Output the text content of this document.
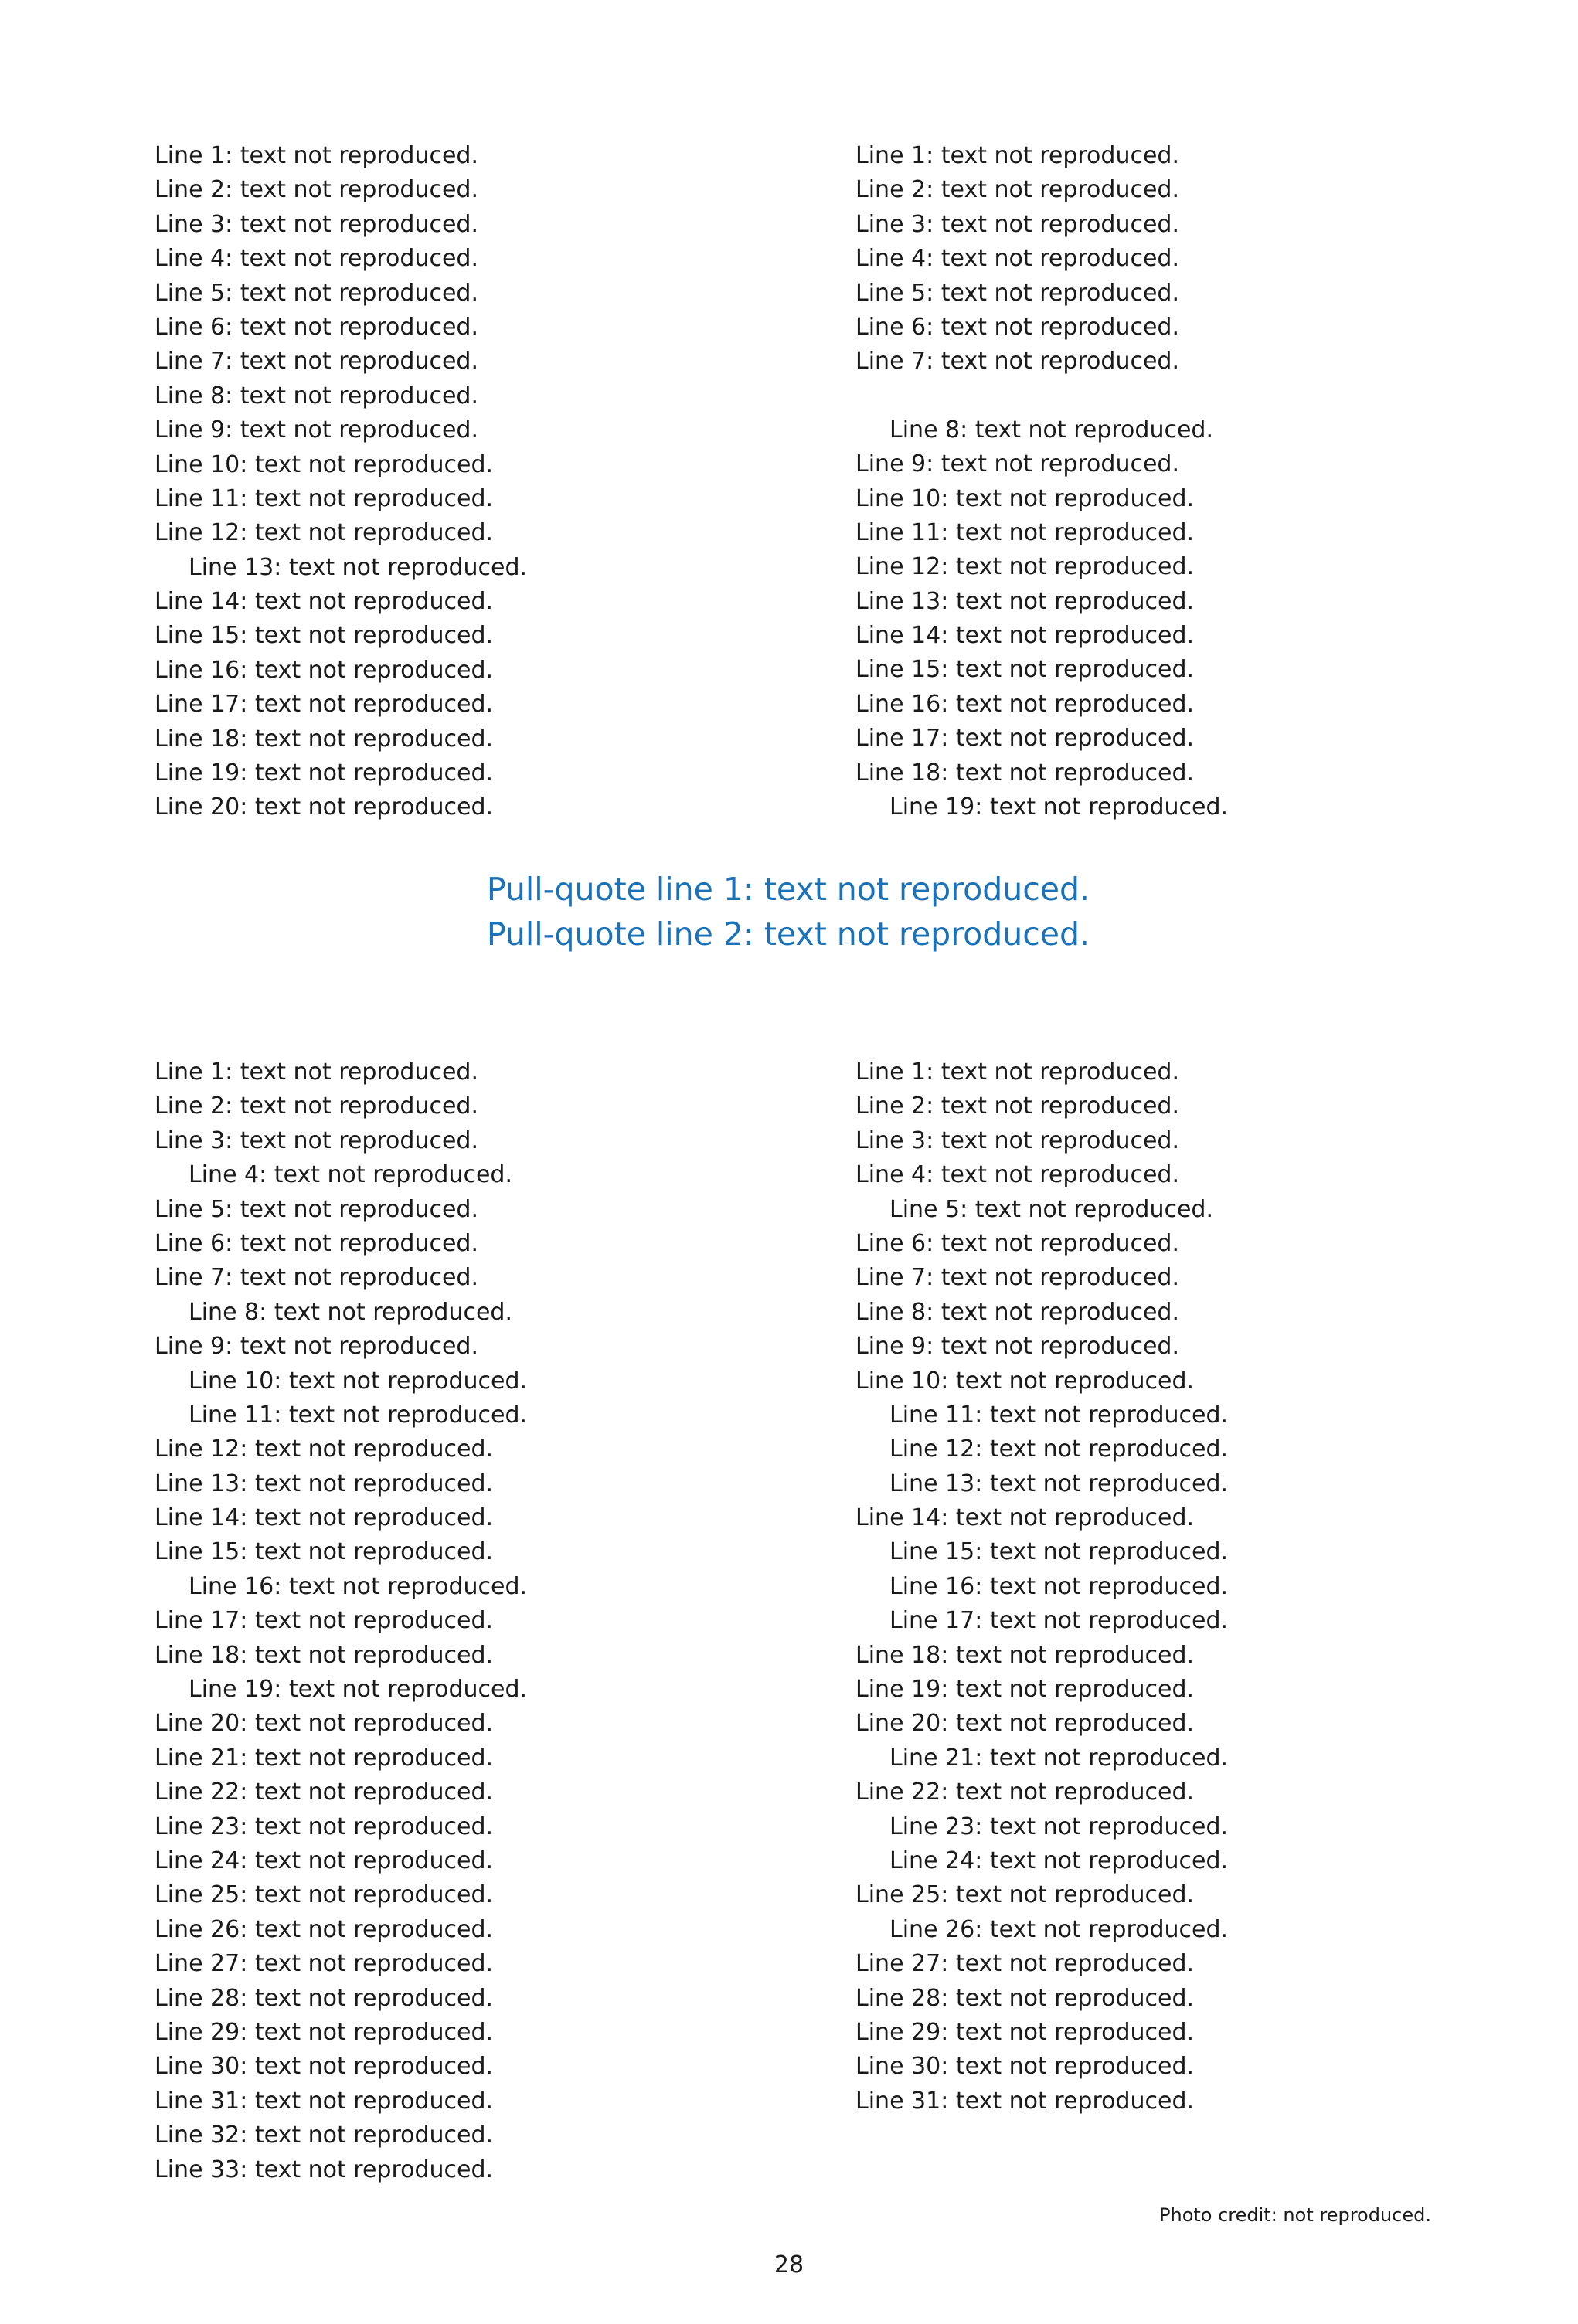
Line 1: text not reproduced.
Line 2: text not reproduced.
Line 3: text not reproduced.
Line 4: text not reproduced.
Line 5: text not reproduced.
Line 6: text not reproduced.
Line 7: text not reproduced.
Line 8: text not reproduced.
Line 9: text not reproduced.
Line 10: text not reproduced.
Line 11: text not reproduced.
Line 12: text not reproduced.
Line 13: text not reproduced.
Line 14: text not reproduced.
Line 15: text not reproduced.
Line 16: text not reproduced.
Line 17: text not reproduced.
Line 18: text not reproduced.
Line 19: text not reproduced.
Line 20: text not reproduced.
Line 1: text not reproduced.
Line 2: text not reproduced.
Line 3: text not reproduced.
Line 4: text not reproduced.
Line 5: text not reproduced.
Line 6: text not reproduced.
Line 7: text not reproduced.
Line 8: text not reproduced.
Line 9: text not reproduced.
Line 10: text not reproduced.
Line 11: text not reproduced.
Line 12: text not reproduced.
Line 13: text not reproduced.
Line 14: text not reproduced.
Line 15: text not reproduced.
Line 16: text not reproduced.
Line 17: text not reproduced.
Line 18: text not reproduced.
Line 19: text not reproduced.
Pull-quote line 1: text not reproduced.
Pull-quote line 2: text not reproduced.
Line 1: text not reproduced.
Line 2: text not reproduced.
Line 3: text not reproduced.
Line 4: text not reproduced.
Line 5: text not reproduced.
Line 6: text not reproduced.
Line 7: text not reproduced.
Line 8: text not reproduced.
Line 9: text not reproduced.
Line 10: text not reproduced.
Line 11: text not reproduced.
Line 12: text not reproduced.
Line 13: text not reproduced.
Line 14: text not reproduced.
Line 15: text not reproduced.
Line 16: text not reproduced.
Line 17: text not reproduced.
Line 18: text not reproduced.
Line 19: text not reproduced.
Line 20: text not reproduced.
Line 21: text not reproduced.
Line 22: text not reproduced.
Line 23: text not reproduced.
Line 24: text not reproduced.
Line 25: text not reproduced.
Line 26: text not reproduced.
Line 27: text not reproduced.
Line 28: text not reproduced.
Line 29: text not reproduced.
Line 30: text not reproduced.
Line 31: text not reproduced.
Line 32: text not reproduced.
Line 33: text not reproduced.
Line 1: text not reproduced.
Line 2: text not reproduced.
Line 3: text not reproduced.
Line 4: text not reproduced.
Line 5: text not reproduced.
Line 6: text not reproduced.
Line 7: text not reproduced.
Line 8: text not reproduced.
Line 9: text not reproduced.
Line 10: text not reproduced.
Line 11: text not reproduced.
Line 12: text not reproduced.
Line 13: text not reproduced.
Line 14: text not reproduced.
Line 15: text not reproduced.
Line 16: text not reproduced.
Line 17: text not reproduced.
Line 18: text not reproduced.
Line 19: text not reproduced.
Line 20: text not reproduced.
Line 21: text not reproduced.
Line 22: text not reproduced.
Line 23: text not reproduced.
Line 24: text not reproduced.
Line 25: text not reproduced.
Line 26: text not reproduced.
Line 27: text not reproduced.
Line 28: text not reproduced.
Line 29: text not reproduced.
Line 30: text not reproduced.
Line 31: text not reproduced.
Photo credit: not reproduced.
28
